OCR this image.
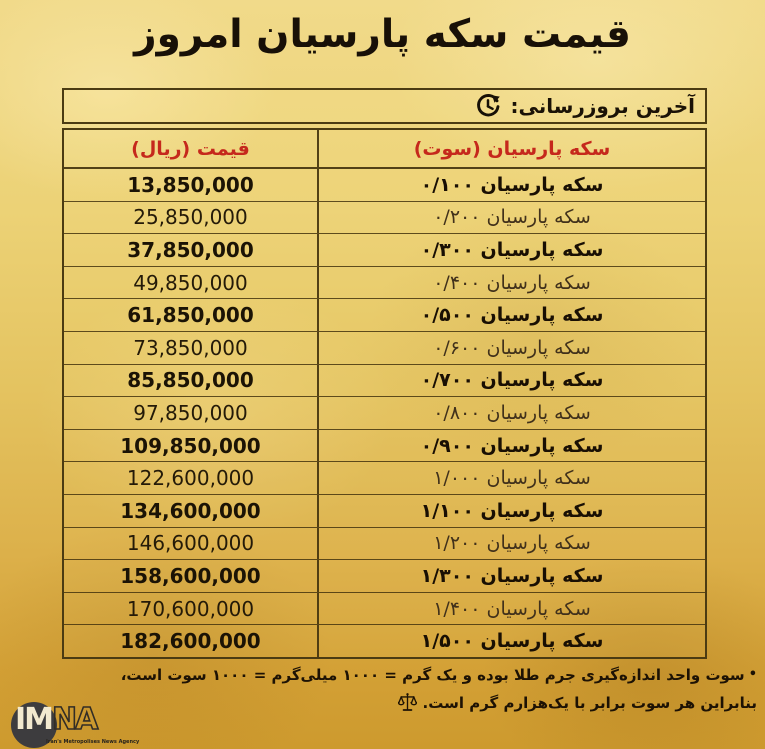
قیمت سکه پارسیان امروز
آخرین بروزرسانی:
قیمت (ریال)	سکه پارسیان (سوت)
13,850,000	سکه پارسیان ۰/۱۰۰
25,850,000	سکه پارسیان ۰/۲۰۰
37,850,000	سکه پارسیان ۰/۳۰۰
49,850,000	سکه پارسیان ۰/۴۰۰
61,850,000	سکه پارسیان ۰/۵۰۰
73,850,000	سکه پارسیان ۰/۶۰۰
85,850,000	سکه پارسیان ۰/۷۰۰
97,850,000	سکه پارسیان ۰/۸۰۰
109,850,000	سکه پارسیان ۰/۹۰۰
122,600,000	سکه پارسیان ۱/۰۰۰
134,600,000	سکه پارسیان ۱/۱۰۰
146,600,000	سکه پارسیان ۱/۲۰۰
158,600,000	سکه پارسیان ۱/۳۰۰
170,600,000	سکه پارسیان ۱/۴۰۰
182,600,000	سکه پارسیان ۱/۵۰۰
•سوت واحد اندازه‌گیری جرم طلا بوده و یک گرم = ۱۰۰۰ میلی‌گرم = ۱۰۰۰ سوت است،
بنابراین هر سوت برابر با یک‌هزارم گرم است.
IMNA
Iran's Metropolises News Agency
